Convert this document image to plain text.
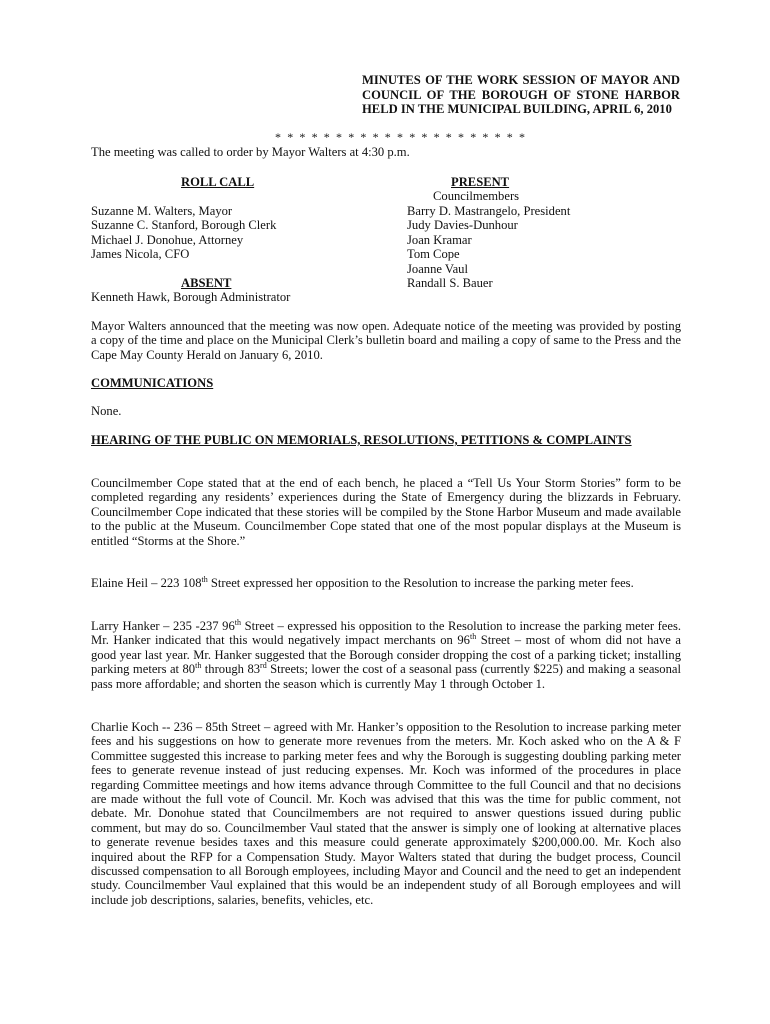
MINUTES OF THE WORK SESSION OF MAYOR AND COUNCIL OF THE BOROUGH OF STONE HARBOR HELD IN THE MUNICIPAL BUILDING, APRIL 6, 2010
* * * * * * * * * * * * * * * * * * * * *
The meeting was called to order by Mayor Walters at 4:30 p.m.
ROLL CALL	PRESENT
Councilmembers
Suzanne M. Walters, Mayor
Suzanne C. Stanford, Borough Clerk
Michael J. Donohue, Attorney
James Nicola, CFO
Barry D. Mastrangelo, President
Judy Davies-Dunhour
Joan Kramar
Tom Cope
Joanne Vaul
Randall S. Bauer
ABSENT
Kenneth Hawk, Borough Administrator

Mayor Walters announced that the meeting was now open. Adequate notice of the meeting was provided by posting a copy of the time and place on the Municipal Clerk’s bulletin board and mailing a copy of same to the Press and the Cape May County Herald on January 6, 2010.

COMMUNICATIONS

None.

HEARING OF THE PUBLIC ON MEMORIALS, RESOLUTIONS, PETITIONS & COMPLAINTS

Councilmember Cope stated that at the end of each bench, he placed a “Tell Us Your Storm Stories” form to be completed regarding any residents’ experiences during the State of Emergency during the blizzards in February. Councilmember Cope indicated that these stories will be compiled by the Stone Harbor Museum and made available to the public at the Museum. Councilmember Cope stated that one of the most popular displays at the Museum is entitled “Storms at the Shore.”

Elaine Heil – 223 108th Street expressed her opposition to the Resolution to increase the parking meter fees.

Larry Hanker – 235 -237 96th Street – expressed his opposition to the Resolution to increase the parking meter fees. Mr. Hanker indicated that this would negatively impact merchants on 96th Street – most of whom did not have a good year last year. Mr. Hanker suggested that the Borough consider dropping the cost of a parking ticket; installing parking meters at 80th through 83rd Streets; lower the cost of a seasonal pass (currently $225) and making a seasonal pass more affordable; and shorten the season which is currently May 1 through October 1.

Charlie Koch -- 236 – 85th Street – agreed with Mr. Hanker’s opposition to the Resolution to increase parking meter fees and his suggestions on how to generate more revenues from the meters. Mr. Koch asked who on the A & F Committee suggested this increase to parking meter fees and why the Borough is suggesting doubling parking meter fees to generate revenue instead of just reducing expenses. Mr. Koch was informed of the procedures in place regarding Committee meetings and how items advance through Committee to the full Council and that no decisions are made without the full vote of Council. Mr. Koch was advised that this was the time for public comment, not debate. Mr. Donohue stated that Councilmembers are not required to answer questions issued during public comment, but may do so. Councilmember Vaul stated that the answer is simply one of looking at alternative places to generate revenue besides taxes and this measure could generate approximately $200,000.00. Mr. Koch also inquired about the RFP for a Compensation Study. Mayor Walters stated that during the budget process, Council discussed compensation to all Borough employees, including Mayor and Council and the need to get an independent study. Councilmember Vaul explained that this would be an independent study of all Borough employees and will include job descriptions, salaries, benefits, vehicles, etc.
